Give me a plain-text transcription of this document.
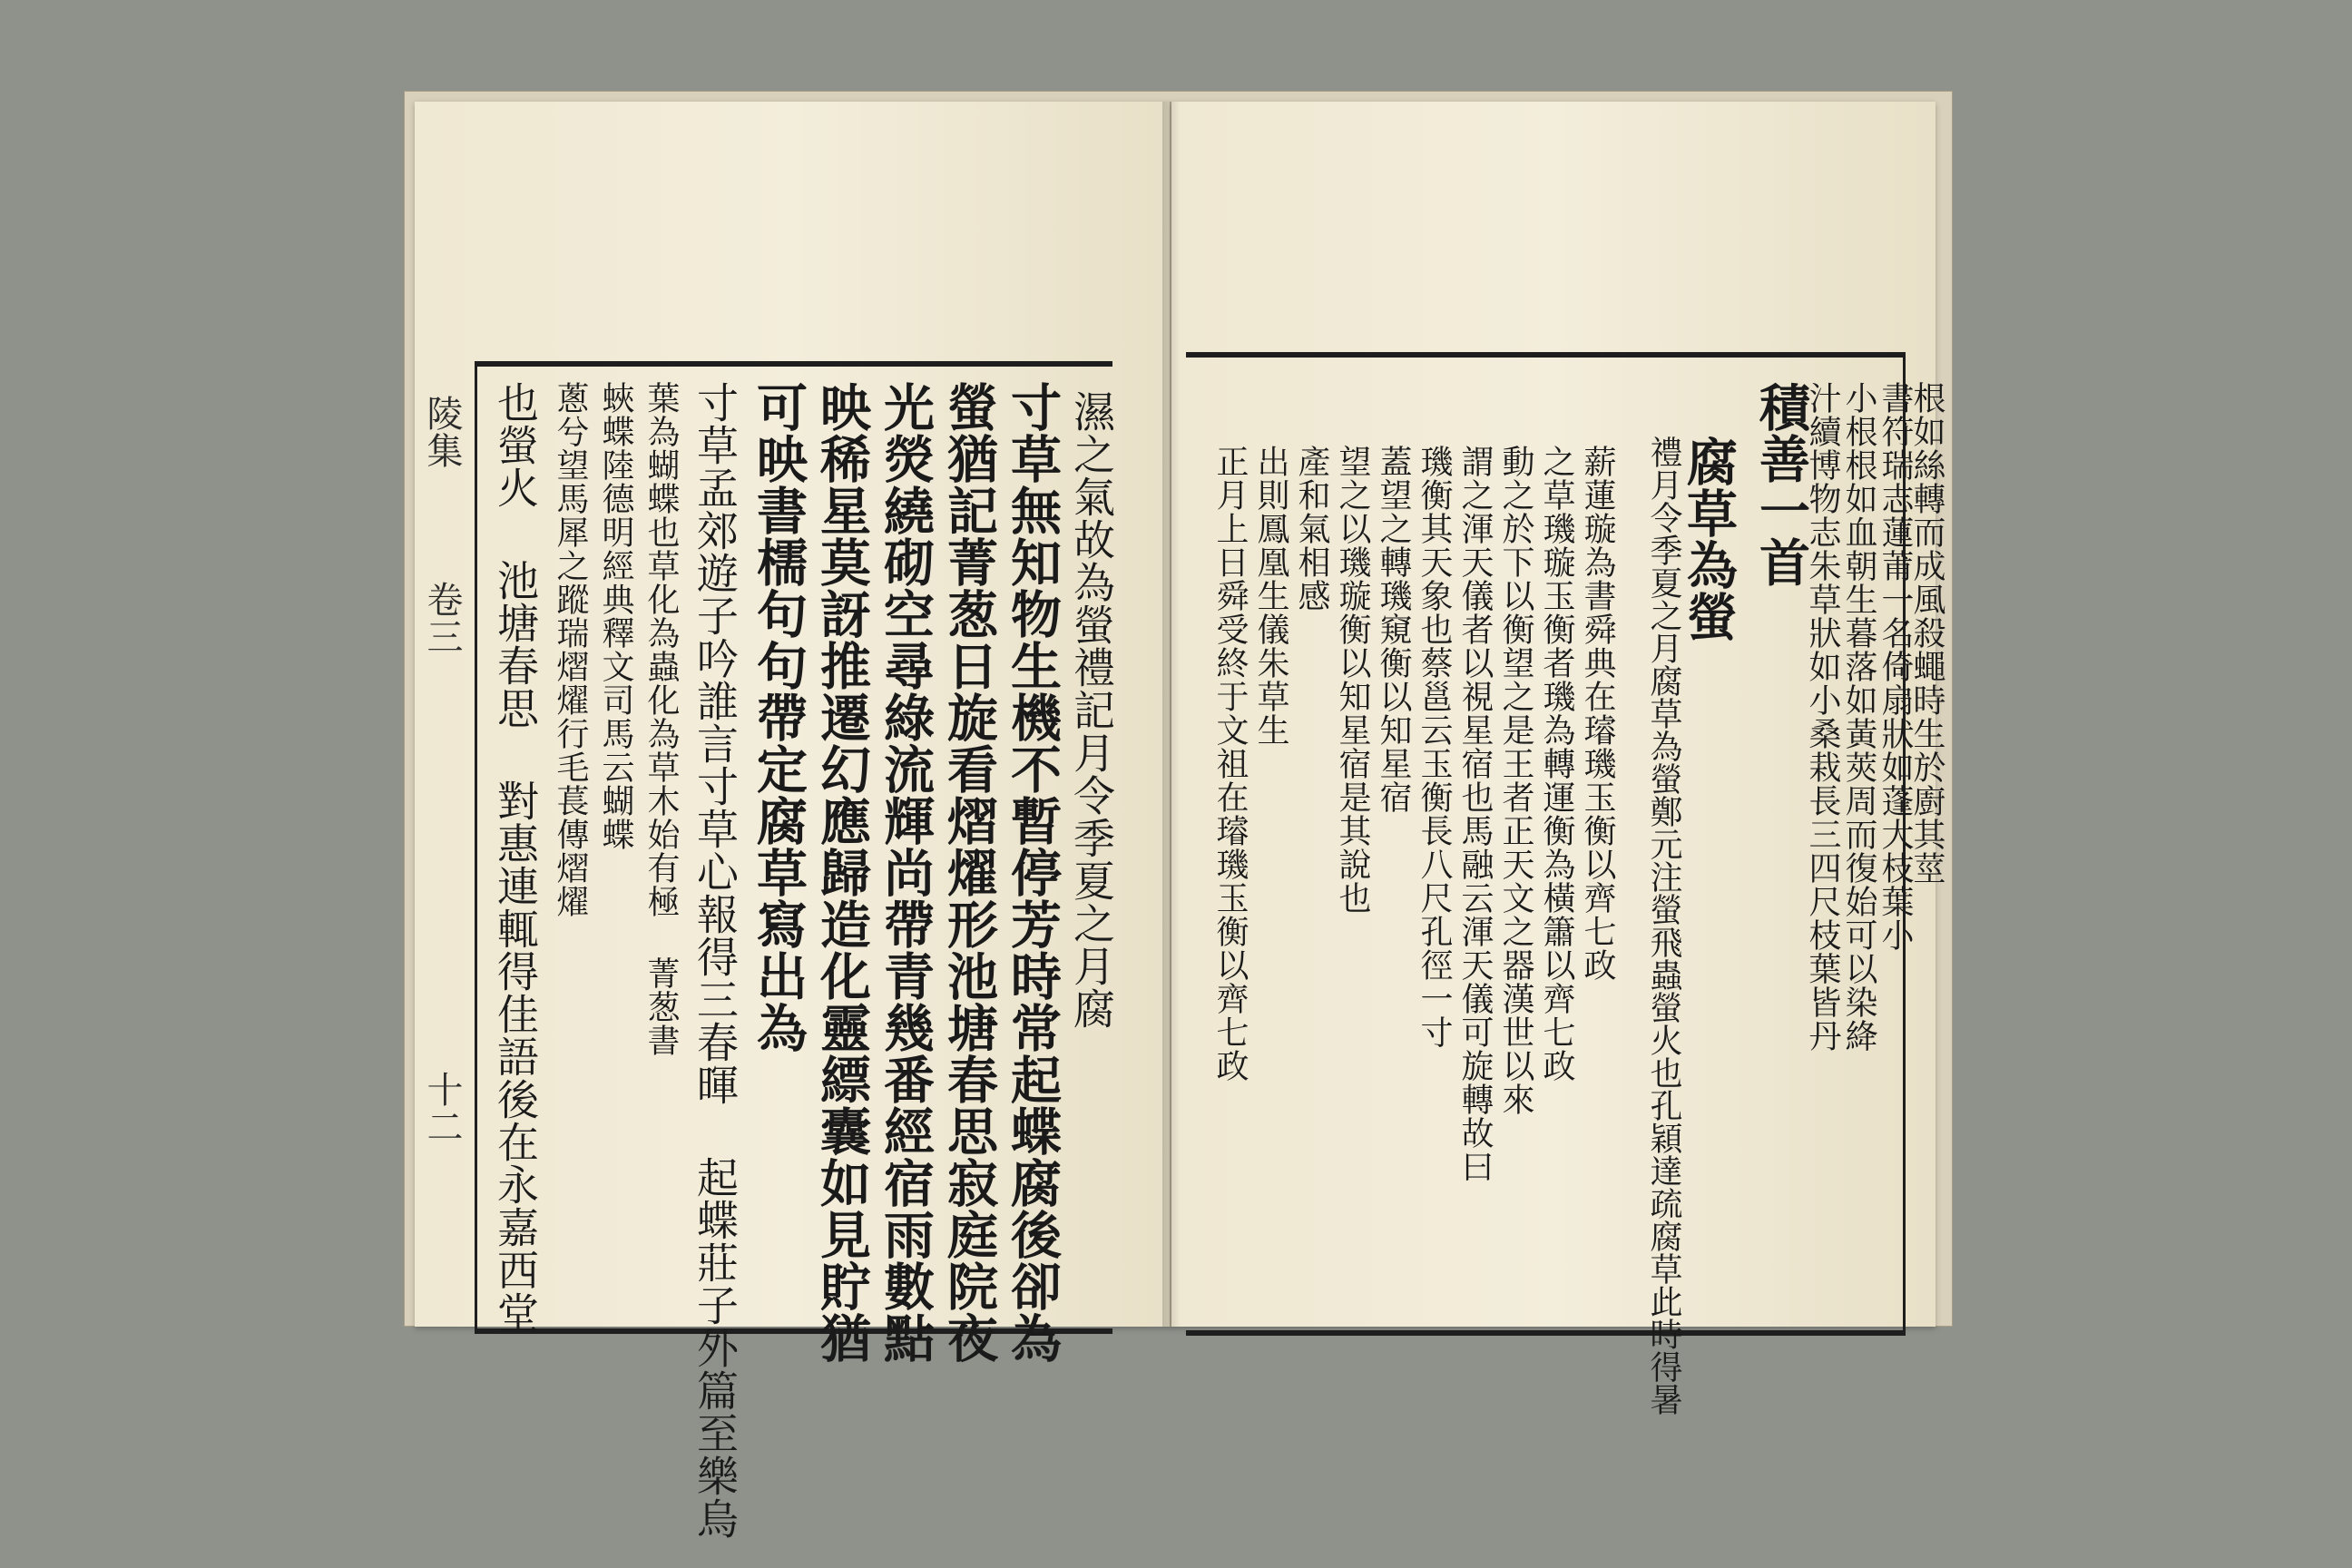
陵集
卷三
十二
濕之氣故為螢禮記月令季夏之月腐
寸草無知物生機不暫停芳時常起蝶腐後卻為
螢猶記菁葱日旋看熠燿形池塘春思寂庭院夜
光熒繞砌空尋綠流輝尚帶青幾番經宿雨數點
映稀星莫訝推遷幻應歸造化靈縹囊如見貯猶
可映書檽句句帶定腐草寫出為
寸草孟郊遊子吟誰言寸草心報得三春暉 起蝶莊子外篇至樂烏
葉為蝴蝶也草化為蟲化為草木始有極 菁葱書
蛺蝶陸德明經典釋文司馬云蝴蝶
蔥兮望馬犀之蹤瑞熠燿行毛萇傳熠燿
也螢火 池塘春思 對惠連輒得佳語後在永嘉西堂	積善一首
腐草為螢
禮月令季夏之月腐草為螢鄭元注螢飛蟲螢火也孔穎達疏腐草此時得暑
正月上日舜受終于文祖在璿璣玉衡以齊七政 出則鳳凰生儀朱草生 產和氣相感 望之以璣璇衡以知星宿是其說也 蓋望之轉璣窺衡以知星宿 璣衡其天象也蔡邕云玉衡長八尺孔徑一寸 謂之渾天儀者以視星宿也馬融云渾天儀可旋轉故曰 動之於下以衡望之是王者正天文之器漢世以來 之草璣璇玉衡者璣為轉運衡為橫簫以齊七政 薪蓮璇為書舜典在璿璣玉衡以齊七政	汁續博物志朱草狀如小桑栽長三四尺枝葉皆丹 小根根如血朝生暮落如黃莢周而復始可以染絳 書符瑞志蓮莆一名倚扇狀如蓬大枝葉小
根如絲轉而成風殺蠅時生於廚其莖
